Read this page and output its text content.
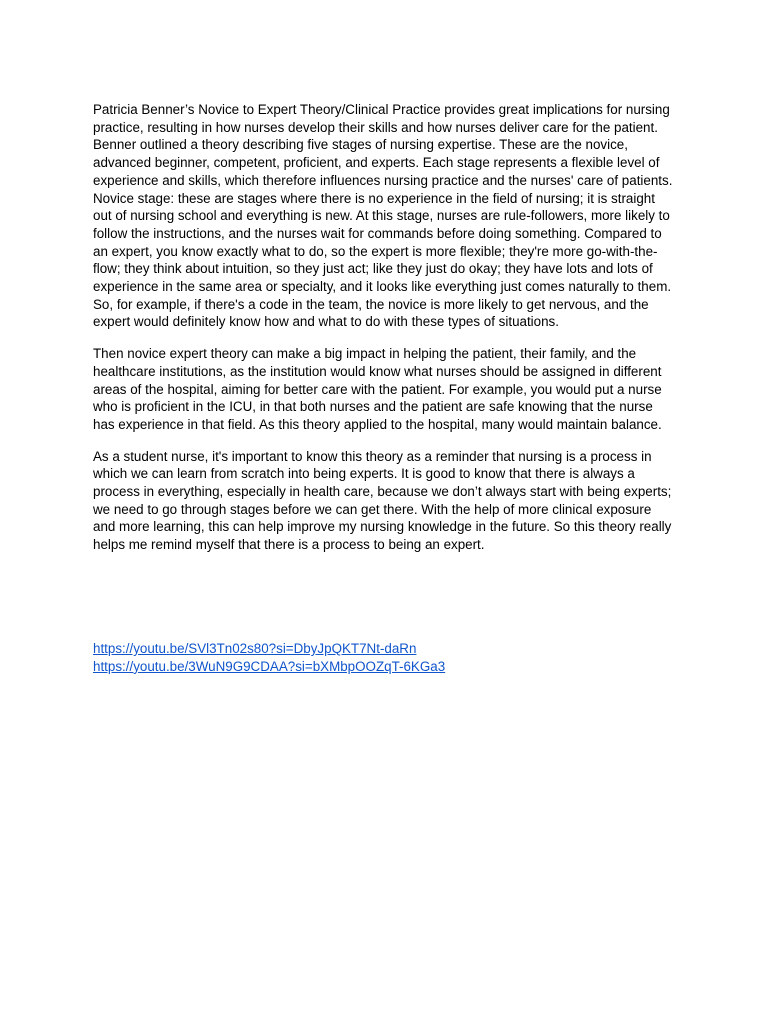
Patricia Benner’s Novice to Expert Theory/Clinical Practice provides great implications for nursing practice, resulting in how nurses develop their skills and how nurses deliver care for the patient. Benner outlined a theory describing five stages of nursing expertise. These are the novice, advanced beginner, competent, proficient, and experts. Each stage represents a flexible level of experience and skills, which therefore influences nursing practice and the nurses' care of patients. Novice stage: these are stages where there is no experience in the field of nursing; it is straight out of nursing school and everything is new. At this stage, nurses are rule-followers, more likely to follow the instructions, and the nurses wait for commands before doing something. Compared to an expert, you know exactly what to do, so the expert is more flexible; they're more go-with-the-flow; they think about intuition, so they just act; like they just do okay; they have lots and lots of experience in the same area or specialty, and it looks like everything just comes naturally to them. So, for example, if there's a code in the team, the novice is more likely to get nervous, and the expert would definitely know how and what to do with these types of situations.

Then novice expert theory can make a big impact in helping the patient, their family, and the healthcare institutions, as the institution would know what nurses should be assigned in different areas of the hospital, aiming for better care with the patient. For example, you would put a nurse who is proficient in the ICU, in that both nurses and the patient are safe knowing that the nurse has experience in that field. As this theory applied to the hospital, many would maintain balance.

As a student nurse, it's important to know this theory as a reminder that nursing is a process in which we can learn from scratch into being experts. It is good to know that there is always a process in everything, especially in health care, because we don’t always start with being experts; we need to go through stages before we can get there. With the help of more clinical exposure and more learning, this can help improve my nursing knowledge in the future. So this theory really helps me remind myself that there is a process to being an expert.

https://youtu.be/SVl3Tn02s80?si=DbyJpQKT7Nt-daRn
https://youtu.be/3WuN9G9CDAA?si=bXMbpOOZqT-6KGa3
